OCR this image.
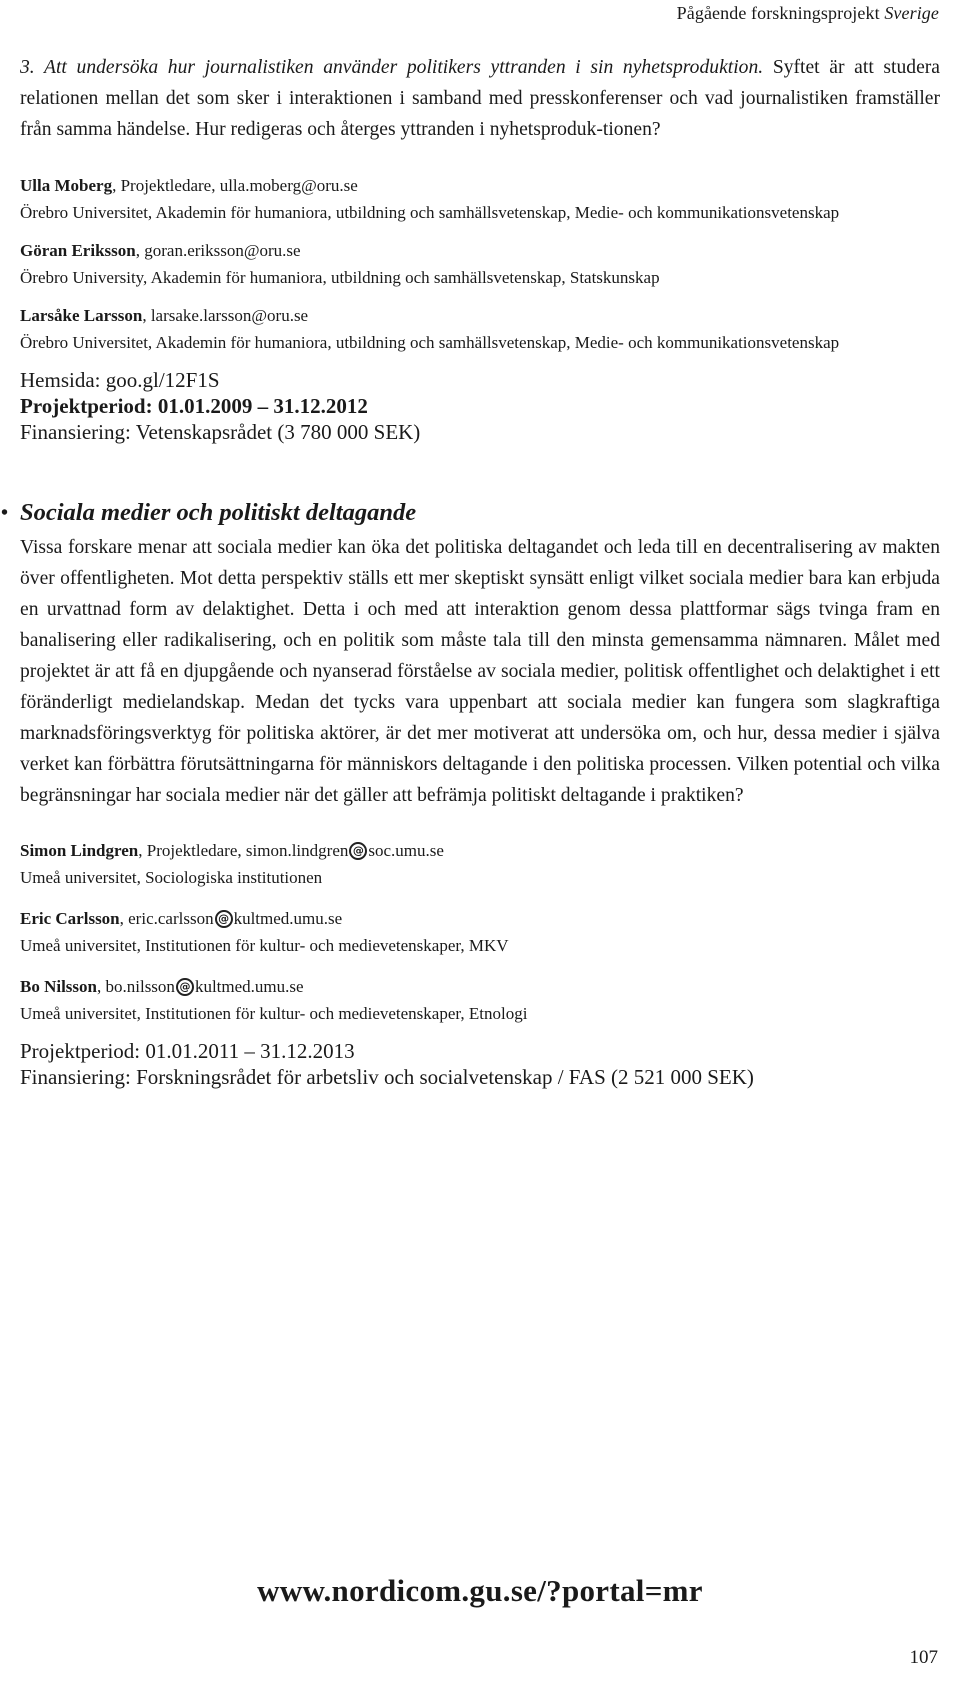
Pågående forskningsprojekt Sverige

3. Att undersöka hur journalistiken använder politikers yttranden i sin nyhetsproduktion. Syftet är att studera relationen mellan det som sker i interaktionen i samband med presskonferenser och vad journalistiken framställer från samma händelse. Hur redigeras och återges yttranden i nyhetsproduk-tionen?

Ulla Moberg, Projektledare, ulla.moberg@oru.se

Örebro Universitet, Akademin för humaniora, utbildning och samhällsvetenskap, Medie- och kommunikationsvetenskap

Göran Eriksson, goran.eriksson@oru.se

Örebro University, Akademin för humaniora, utbildning och samhällsvetenskap, Statskunskap

Larsåke Larsson, larsake.larsson@oru.se

Örebro Universitet, Akademin för humaniora, utbildning och samhällsvetenskap, Medie- och kommunikationsvetenskap

Hemsida: goo.gl/12F1S

Projektperiod: 01.01.2009 – 31.12.2012

Finansiering: Vetenskapsrådet (3 780 000 SEK)

• Sociala medier och politiskt deltagande

Vissa forskare menar att sociala medier kan öka det politiska deltagandet och leda till en decentralisering av makten över offentligheten. Mot detta perspektiv ställs ett mer skeptiskt synsätt enligt vilket sociala medier bara kan erbjuda en urvattnad form av delaktighet. Detta i och med att interaktion genom dessa plattformar sägs tvinga fram en banalisering eller radikalisering, och en politik som måste tala till den minsta gemensamma nämnaren. Målet med projektet är att få en djupgående och nyanserad förståelse av sociala medier, politisk offentlighet och delaktighet i ett föränderligt medielandskap. Medan det tycks vara uppenbart att sociala medier kan fungera som slagkraftiga marknadsföringsverktyg för politiska aktörer, är det mer motiverat att undersöka om, och hur, dessa medier i själva verket kan förbättra förutsättningarna för människors deltagande i den politiska processen. Vilken potential och vilka begränsningar har sociala medier när det gäller att befrämja politiskt deltagande i praktiken?

Simon Lindgren, Projektledare, simon.lindgren @ soc.umu.se

Umeå universitet, Sociologiska institutionen

Eric Carlsson, eric.carlsson @ kultmed.umu.se

Umeå universitet, Institutionen för kultur- och medievetenskaper, MKV

Bo Nilsson, bo.nilsson @ kultmed.umu.se

Umeå universitet, Institutionen för kultur- och medievetenskaper, Etnologi

Projektperiod: 01.01.2011 – 31.12.2013

Finansiering: Forskningsrådet för arbetsliv och socialvetenskap / FAS (2 521 000 SEK)

www.nordicom.gu.se/?portal=mr
107
